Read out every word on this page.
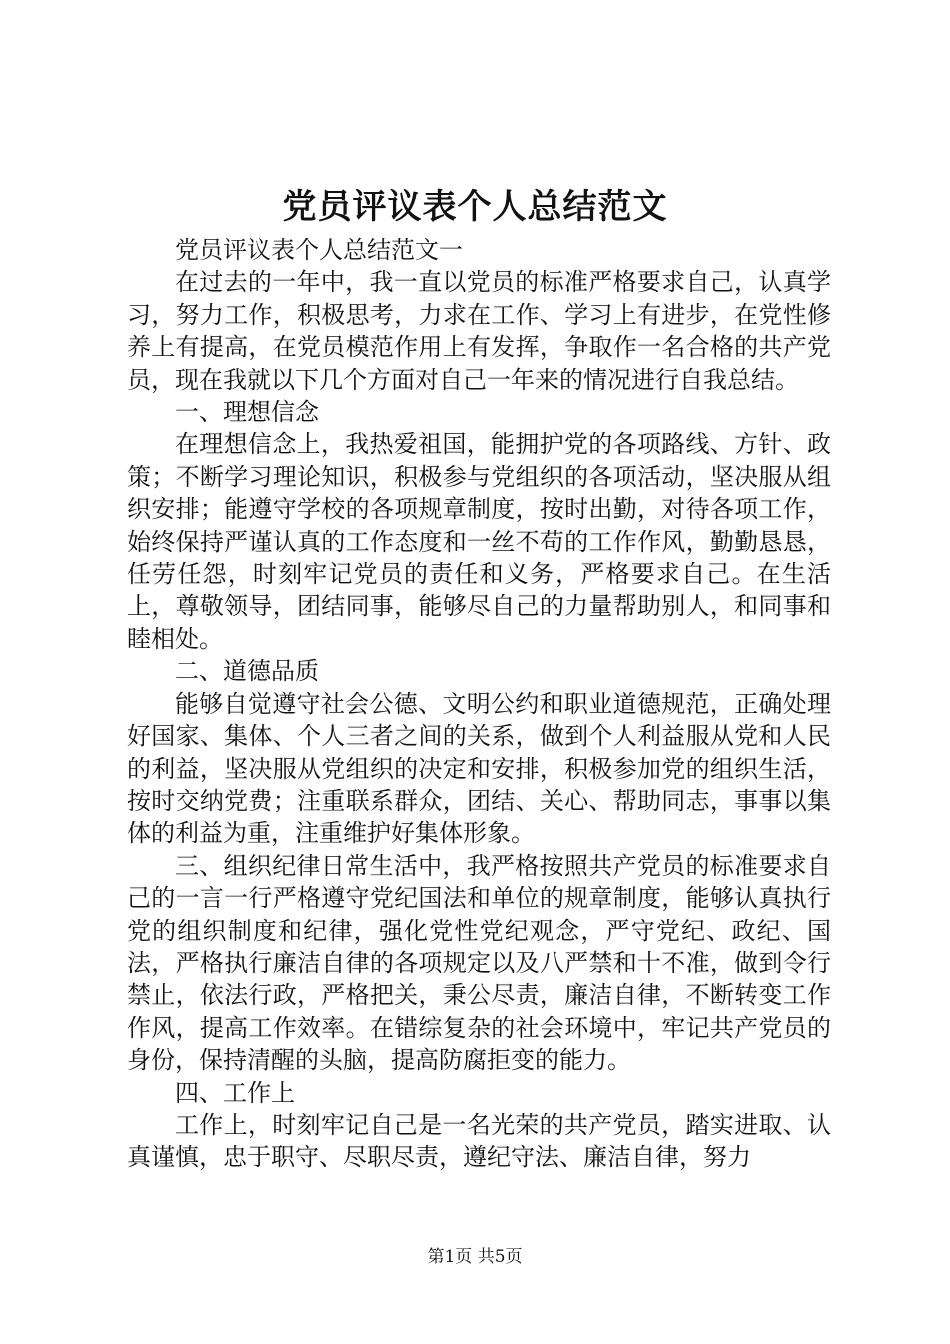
党员评议表个人总结范文

党员评议表个人总结范文一

在过去的一年中，我一直以党员的标准严格要求自己，认真学习，努力工作，积极思考，力求在工作、学习上有进步，在党性修养上有提高，在党员模范作用上有发挥，争取作一名合格的共产党员，现在我就以下几个方面对自己一年来的情况进行自我总结。

一、理想信念

在理想信念上，我热爱祖国，能拥护党的各项路线、方针、政策；不断学习理论知识，积极参与党组织的各项活动，坚决服从组织安排；能遵守学校的各项规章制度，按时出勤，对待各项工作，始终保持严谨认真的工作态度和一丝不苟的工作作风，勤勤恳恳，任劳任怨，时刻牢记党员的责任和义务，严格要求自己。在生活上，尊敬领导，团结同事，能够尽自己的力量帮助别人，和同事和睦相处。

二、道德品质

能够自觉遵守社会公德、文明公约和职业道德规范，正确处理好国家、集体、个人三者之间的关系，做到个人利益服从党和人民的利益，坚决服从党组织的决定和安排，积极参加党的组织生活，按时交纳党费；注重联系群众，团结、关心、帮助同志，事事以集体的利益为重，注重维护好集体形象。

三、组织纪律日常生活中，我严格按照共产党员的标准要求自己的一言一行严格遵守党纪国法和单位的规章制度，能够认真执行党的组织制度和纪律，强化党性党纪观念，严守党纪、政纪、国法，严格执行廉洁自律的各项规定以及八严禁和十不准，做到令行禁止，依法行政，严格把关，秉公尽责，廉洁自律，不断转变工作作风，提高工作效率。在错综复杂的社会环境中，牢记共产党员的身份，保持清醒的头脑，提高防腐拒变的能力。

四、工作上

工作上，时刻牢记自己是一名光荣的共产党员，踏实进取、认真谨慎，忠于职守、尽职尽责，遵纪守法、廉洁自律，努力

第1页 共5页
